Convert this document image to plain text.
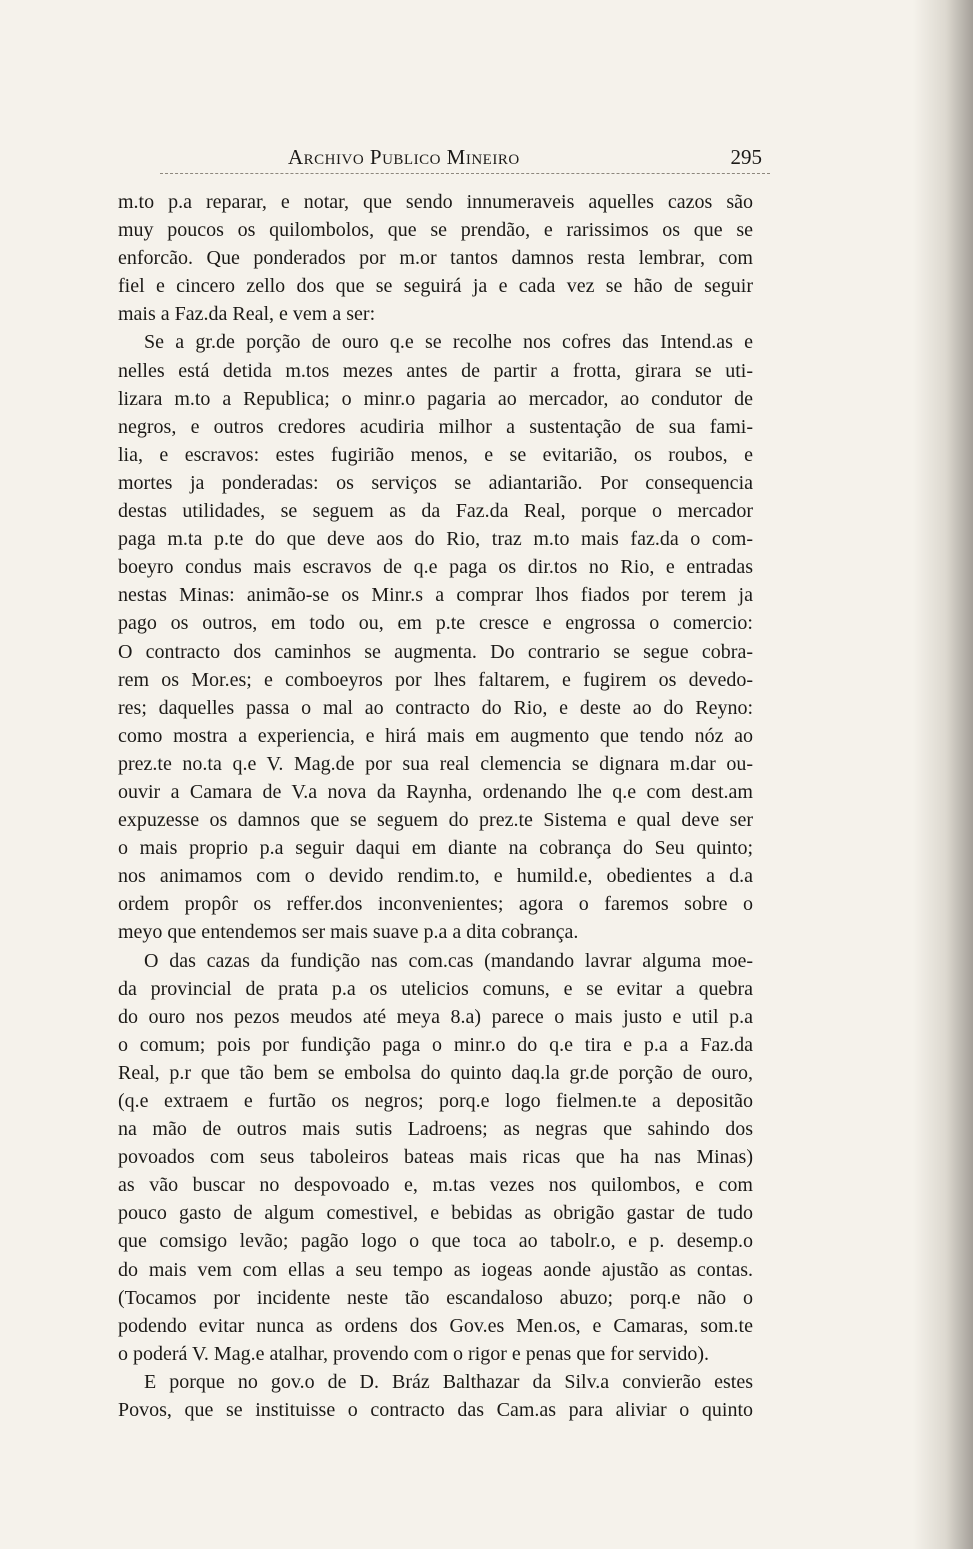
Archivo Publico Mineiro	295
m.to p.a reparar, e notar, que sendo innumeraveis aquelles cazos são
muy poucos os quilombolos, que se prendão, e rarissimos os que se
enforcão. Que ponderados por m.or tantos damnos resta lembrar, com
fiel e cincero zello dos que se seguirá ja e cada vez se hão de seguir
mais a Faz.da Real, e vem a ser:
Se a gr.de porção de ouro q.e se recolhe nos cofres das Intend.as e
nelles está detida m.tos mezes antes de partir a frotta, girara se uti-
lizara m.to a Republica; o minr.o pagaria ao mercador, ao condutor de
negros, e outros credores acudiria milhor a sustentação de sua fami-
lia, e escravos: estes fugirião menos, e se evitarião, os roubos, e
mortes ja ponderadas: os serviços se adiantarião. Por consequencia
destas utilidades, se seguem as da Faz.da Real, porque o mercador
paga m.ta p.te do que deve aos do Rio, traz m.to mais faz.da o com-
boeyro condus mais escravos de q.e paga os dir.tos no Rio, e entradas
nestas Minas: animão-se os Minr.s a comprar lhos fiados por terem ja
pago os outros, em todo ou, em p.te cresce e engrossa o comercio:
O contracto dos caminhos se augmenta. Do contrario se segue cobra-
rem os Mor.es; e comboeyros por lhes faltarem, e fugirem os devedo-
res; daquelles passa o mal ao contracto do Rio, e deste ao do Reyno:
como mostra a experiencia, e hirá mais em augmento que tendo nóz ao
prez.te no.ta q.e V. Mag.de por sua real clemencia se dignara m.dar ou-
ouvir a Camara de V.a nova da Raynha, ordenando lhe q.e com dest.am
expuzesse os damnos que se seguem do prez.te Sistema e qual deve ser
o mais proprio p.a seguir daqui em diante na cobrança do Seu quinto;
nos animamos com o devido rendim.to, e humild.e, obedientes a d.a
ordem propôr os reffer.dos inconvenientes; agora o faremos sobre o
meyo que entendemos ser mais suave p.a a dita cobrança.
O das cazas da fundição nas com.cas (mandando lavrar alguma moe-
da provincial de prata p.a os utelicios comuns, e se evitar a quebra
do ouro nos pezos meudos até meya 8.a) parece o mais justo e util p.a
o comum; pois por fundição paga o minr.o do q.e tira e p.a a Faz.da
Real, p.r que tão bem se embolsa do quinto daq.la gr.de porção de ouro,
(q.e extraem e furtão os negros; porq.e logo fielmen.te a depositão
na mão de outros mais sutis Ladroens; as negras que sahindo dos
povoados com seus taboleiros bateas mais ricas que ha nas Minas)
as vão buscar no despovoado e, m.tas vezes nos quilombos, e com
pouco gasto de algum comestivel, e bebidas as obrigão gastar de tudo
que comsigo levão; pagão logo o que toca ao tabolr.o, e p. desemp.o
do mais vem com ellas a seu tempo as iogeas aonde ajustão as contas.
(Tocamos por incidente neste tão escandaloso abuzo; porq.e não o
podendo evitar nunca as ordens dos Gov.es Men.os, e Camaras, som.te
o poderá V. Mag.e atalhar, provendo com o rigor e penas que for servido).
E porque no gov.o de D. Bráz Balthazar da Silv.a convierão estes
Povos, que se instituisse o contracto das Cam.as para aliviar o quinto
